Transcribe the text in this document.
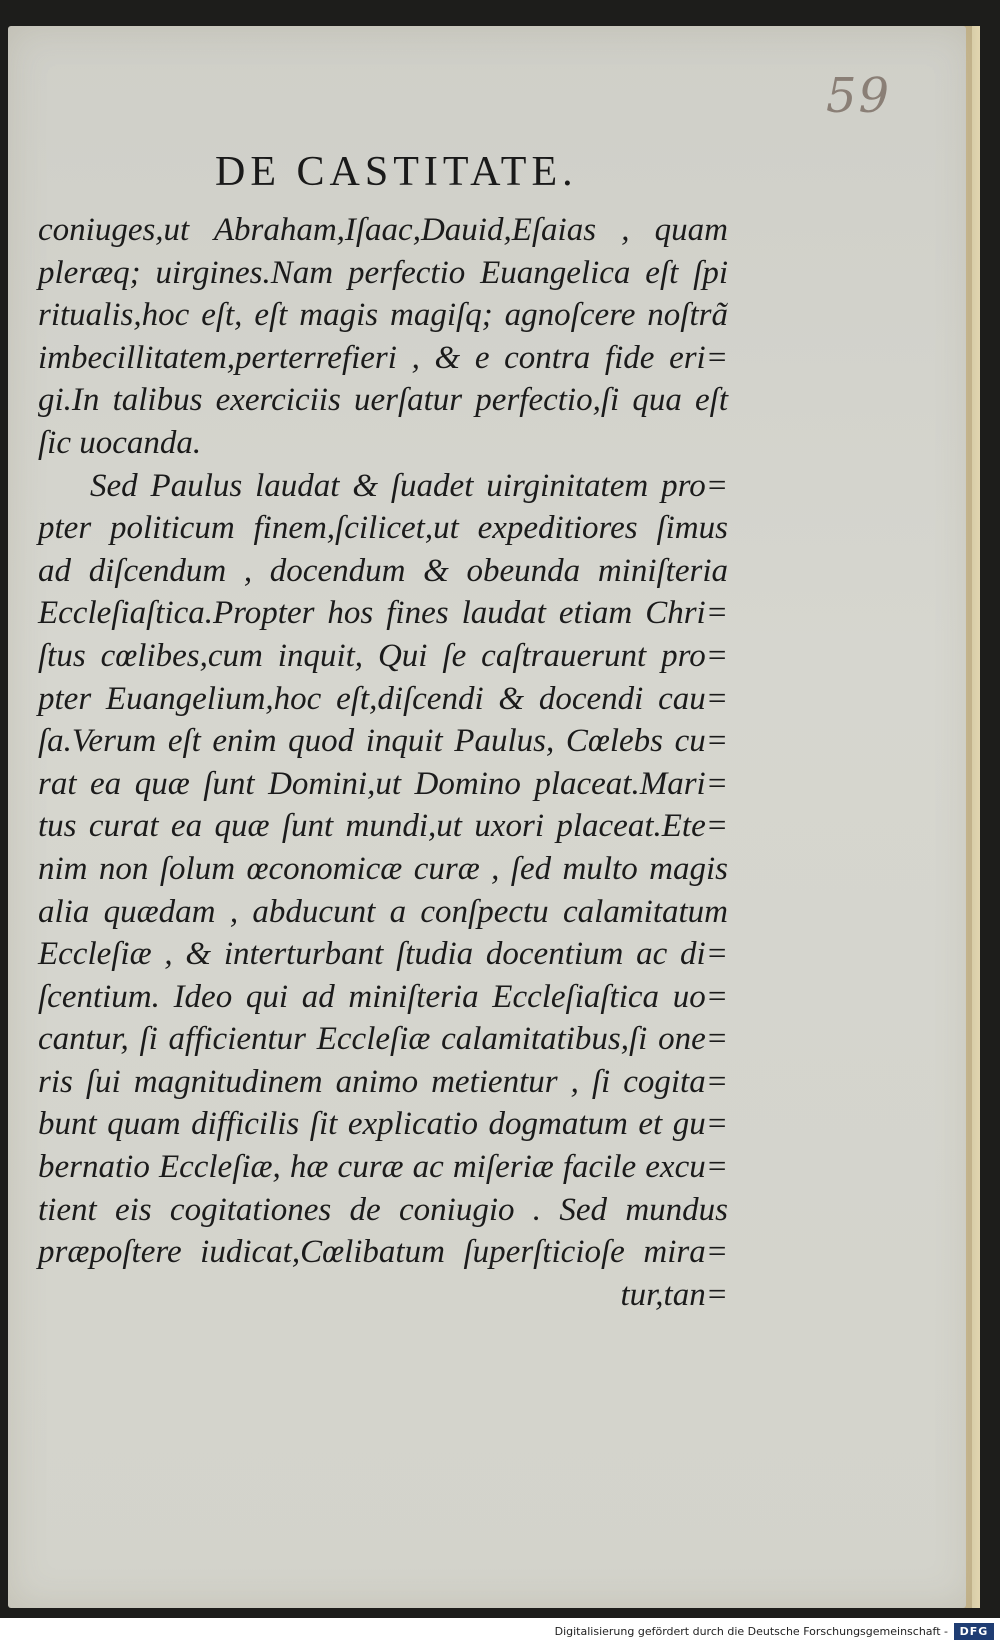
59
DE CASTITATE.
coniuges,ut Abraham,Iſaac,Dauid,Eſaias , quam
pleræq; uirgines.Nam perfectio Euangelica eſt ſpi
ritualis,hoc eſt, eſt magis magiſq; agnoſcere noſtrã
imbecillitatem,perterrefieri , & e contra fide eri=
gi.In talibus exerciciis uerſatur perfectio,ſi qua eſt
ſic uocanda.
Sed Paulus laudat & ſuadet uirginitatem pro=
pter politicum finem,ſcilicet,ut expeditiores ſimus
ad diſcendum , docendum & obeunda miniſteria
Eccleſiaſtica.Propter hos fines laudat etiam Chri=
ſtus cœlibes,cum inquit, Qui ſe caſtrauerunt pro=
pter Euangelium,hoc eſt,diſcendi & docendi cau=
ſa.Verum eſt enim quod inquit Paulus, Cœlebs cu=
rat ea quæ ſunt Domini,ut Domino placeat.Mari=
tus curat ea quæ ſunt mundi,ut uxori placeat.Ete=
nim non ſolum œconomicæ curæ , ſed multo magis
alia quædam , abducunt a conſpectu calamitatum
Eccleſiæ , & interturbant ſtudia docentium ac di=
ſcentium. Ideo qui ad miniſteria Eccleſiaſtica uo=
cantur, ſi afficientur Eccleſiæ calamitatibus,ſi one=
ris ſui magnitudinem animo metientur , ſi cogita=
bunt quam difficilis ſit explicatio dogmatum et gu=
bernatio Eccleſiæ, hæ curæ ac miſeriæ facile excu=
tient eis cogitationes de coniugio . Sed mundus
præpoſtere iudicat,Cœlibatum ſuperſticioſe mira=
tur,tan=
Digitalisierung gefördert durch die Deutsche Forschungsgemeinschaft -	DFG
